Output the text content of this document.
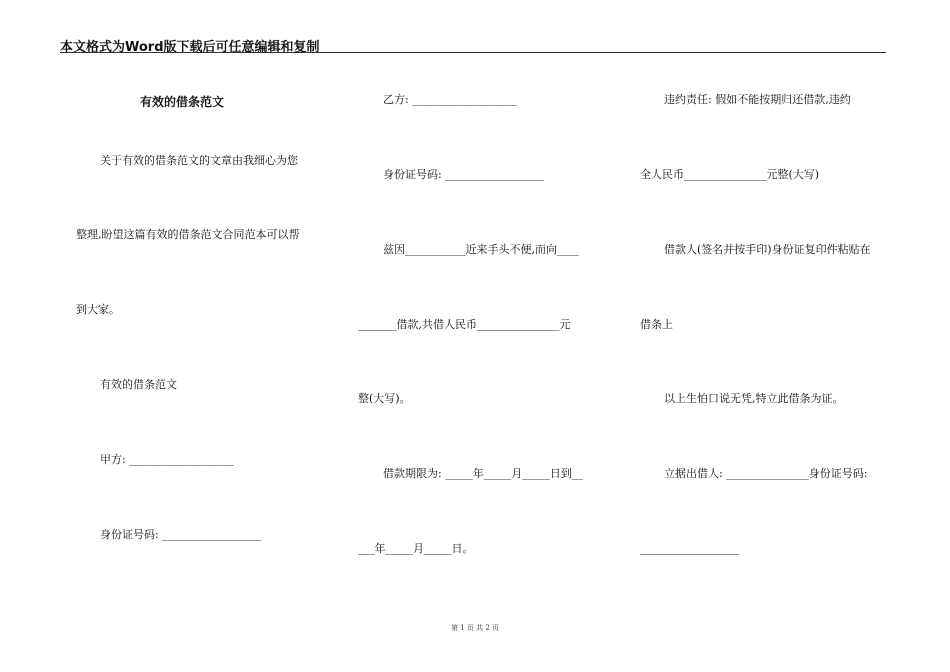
本文格式为Word版下载后可任意编辑和复制
有效的借条范文
关于有效的借条范文的文章由我细心为您
整理,盼望这篇有效的借条范文合同范本可以帮
到大家。
有效的借条范文
甲方: ___________________
身份证号码: __________________
乙方: ___________________
身份证号码: __________________
兹因___________近来手头不便,而向____
_______借款,共借人民币_______________元
整(大写)。
借款期限为: _____年_____月_____日到__
___年_____月_____日。
违约责任: 假如不能按期归还借款,违约
全人民币_______________元整(大写)
借款人(签名并按手印)身份证复印件粘贴在
借条上
以上生怕口说无凭,特立此借条为证。
立据出借人: _______________身份证号码:
__________________
第 1 页 共 2 页
